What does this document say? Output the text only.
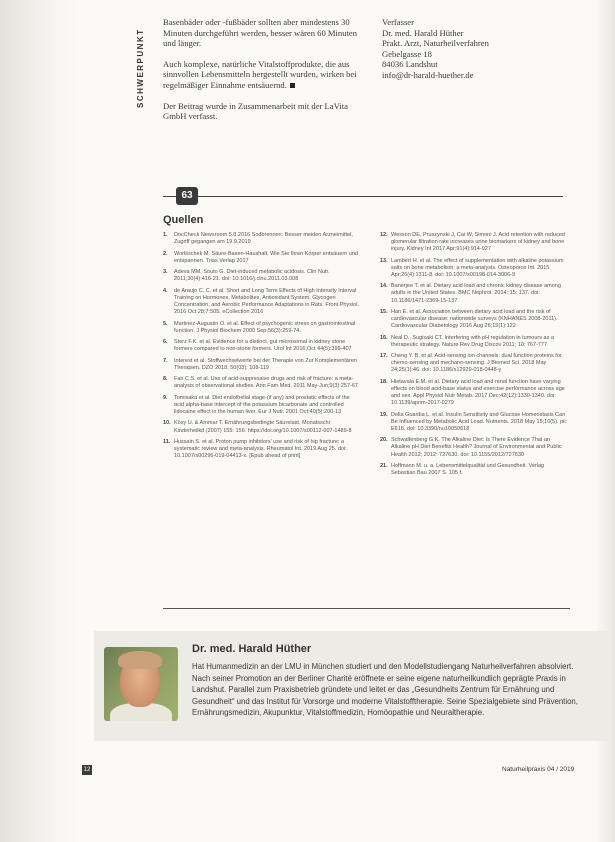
SCHWERPUNKT

Basenbäder oder -fußbäder sollten aber mindestens 30 Minuten durchgeführt werden, besser wären 60 Minuten und länger.

Auch komplexe, natürliche Vitalstoffprodukte, die aus sinnvollen Lebensmitteln hergestellt wurden, wirken bei regelmäßiger Einnahme entsäuernd.

Der Beitrag wurde in Zusammenarbeit mit der LaVita GmbH verfasst.

Verfasser
Dr. med. Harald Hüther
Prakt. Arzt, Naturheilverfahren
Gebelgasse 18
84036 Landshut
info@dr-harald-huether.de
63
Quellen
1.	DocCheck Newsroom 5.8.2016 Sodbrennen: Besser meiden Arzneimittel, Zugriff gegangen am 19.9.2019
2.	Worlitschek M. Säure-Basen-Haushalt. Wie Sie Ihren Körper entsäuern und entspannen. Trias Verlag 2017
3.	Adeva MM, Souto G. Diet-induced metabolic acidosis. Clin Nutr. 2011;30(4):416-21. doi: 10.1016/j.clnu.2011.03.008
4.	de Araujo C. C. et al. Short and Long Term Effects of High Intensity Interval Training on Hormones, Metabolites, Antioxidant System, Glycogen Concentration, and Aerobic Performance Adaptations in Rats. Front Physiol. 2016 Oct 28;7:505. eCollection 2016
5.	Martinez-Augustin O. et al. Effect of psychogenic stress on gastrointestinal function. J Physiol Biochem 2000 Sep;56(3):259-74.
6.	Sterz F.K. et al. Evidence for a distinct, gut microsomal in kidney stone formers compared to non-stone formers. Urol Int 2016;Oct 44(5):399-407
7.	Interest et al. Stoffwechselwerte bei der Therapie von Zur Komplementären Therapien. DZO 2018; 50(03): 108-119
8.	Fan C.S. et al. Use of acid-suppressive drugs and risk of fracture: a meta-analysis of observational studies. Ann Fam Med. 2011 May-Jun;9(3):257-67
9.	Tomisaka et al. Diet endothelial stage-(if any) and prostatic effects of the acid alpha-base intercept of the potassium bicarbonate and controlled lidocaine effect in the human liver. Eur J Nutr. 2001 Oct;40(5):200-13
10. Kösy U. & Ammar T. Ernährungsbedingte Säurelast. Monatsschr Kinderheilkd (2007) 155: 156. https://doi.org/10.1007/s00112-007-1489-8
11. Hussain S. et al. Proton pump inhibitors' use and risk of hip fracture: a systematic review and meta-analysis. Rheumatol Int. 2019 Aug 25. doi: 10.1007/s00296-019-04413-x. [Epub ahead of print]
12. Wesson DE, Pruszynski J, Cai W, Simoni J. Acid retention with reduced glomerular filtration rate increases urine biomarkers of kidney and bone injury. Kidney Int 2017 Apr;91(4):914-927
13. Lambert H. et al. The effect of supplementation with alkaline potassium salts on bone metabolism: a meta-analysis. Osteoporos Int. 2015 Apr;26(4):1311-8. doi: 10.1007/s00198-014-3006-9
14. Banerjee T. et al. Dietary acid load and chronic kidney disease among adults in the United States. BMC Nephrol. 2014; 15: 137. doi: 10.1186/1471-2369-15-137
15. Han E. et al. Association between dietary acid load and the risk of cardiovascular disease: nationwide surveys (KNHANES 2008-2011). Cardiovascular Diabetology 2016 Aug 26;15(1):122
16. Neal D., Sugisaki CT. Interfering with pH regulation in tumours as a therapeutic strategy. Nature Rev Drug Discov 2011; 10: 767-777
17. Cheng Y. B. et al. Acid-sensing ion channels: dual function proteins for chemo-sensing and mechano-sensing. J Biomed Sci. 2018 May 24;25(1):46. doi: 10.1186/s12929-018-0448-y
18. Hietavala E.M. et al. Dietary acid load and renal function have varying effects on blood acid-base status and exercise performance across age and sex. Appl Physiol Nutr Metab. 2017 Dec;42(12):1330-1340. doi: 10.1139/apnm-2017-0279
19. Della Guardia L. et al. Insulin Sensitivity and Glucose Homeostasis Can Be Influenced by Metabolic Acid Load. Nutrients. 2018 May 15;10(5). pii: E618. doi: 10.3390/nu10050618
20. Schwalfenberg G.K. The Alkaline Diet: Is There Evidence That an Alkaline pH Diet Benefits Health? Journal of Environmental and Public Health 2012; 2012: 727630. doi: 10.1155/2012/727630
21. Hoffmann M. u. a. Lebensmittelqualität und Gesundheit. Verlag Sebastian Bau 2007 S. 105 f.
Dr. med. Harald Hüther
Hat Humanmedizin an der LMU in München studiert und den Modellstudiengang Naturheilverfahren absolviert. Nach seiner Promotion an der Berliner Charité eröffnete er seine eigene naturheilkundlich geprägte Praxis in Landshut. Parallel zum Praxisbetrieb gründete und leitet er das „Gesundheits Zentrum für Ernährung und Gesundheit“ und das Institut für Vorsorge und moderne Vitalstofftherapie. Seine Spezialgebiete sind Prävention, Ernährungsmedizin, Akupunktur, Vitalstoffmedizin, Homöopathie und Neuraltherapie.
12	Naturheilpraxis 04 / 2019
